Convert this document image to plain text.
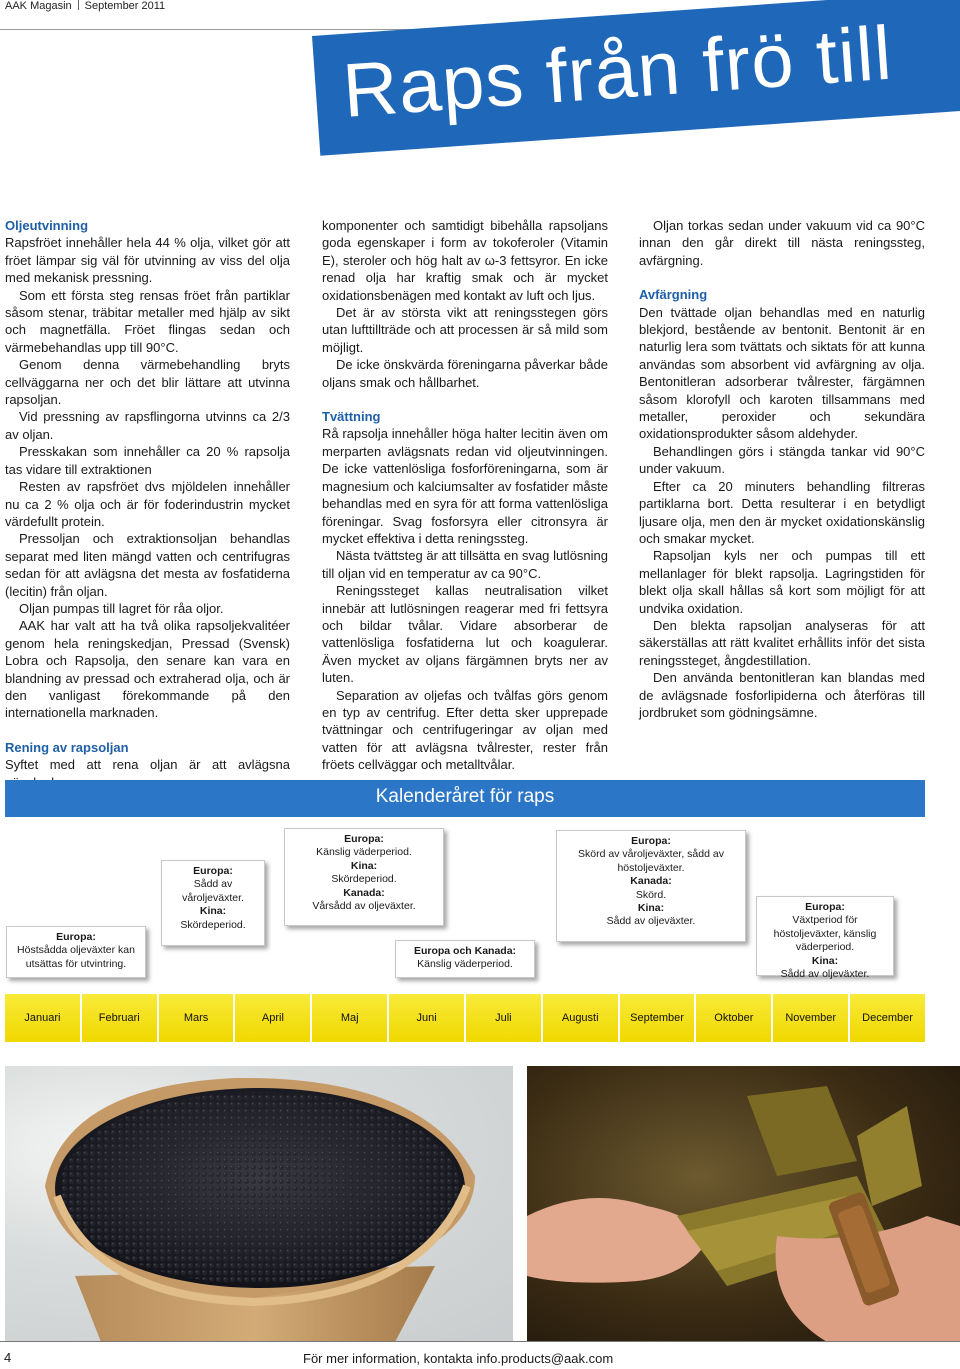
AAK Magasin September 2011
Raps från frö till
Oljeutvinning

Rapsfröet innehåller hela 44 % olja, vilket gör att fröet lämpar sig väl för utvinning av viss del olja med mekanisk pressning.

Som ett första steg rensas fröet från partiklar såsom stenar, träbitar metaller med hjälp av sikt och magnetfälla. Fröet flingas sedan och värmebehandlas upp till 90°C.

Genom denna värmebehandling bryts cellväggarna ner och det blir lättare att utvinna rapsoljan.

Vid pressning av rapsflingorna utvinns ca 2/3 av oljan.

Presskakan som innehåller ca 20 % rapsolja tas vidare till extraktionen

Resten av rapsfröet dvs mjöldelen innehåller nu ca 2 % olja och är för foderindustrin mycket värdefullt protein.

Pressoljan och extraktionsoljan behandlas separat med liten mängd vatten och centrifugras sedan för att avlägsna det mesta av fosfatiderna (lecitin) från oljan.

Oljan pumpas till lagret för råa oljor.

AAK har valt att ha två olika rapsoljekvalitéer genom hela reningskedjan, Pressad (Svensk) Lobra och Rapsolja, den senare kan vara en blandning av pressad och extraherad olja, och är den vanligast förekommande på den internationella marknaden.

Rening av rapsoljan

Syftet med att rena oljan är att avlägsna

komponenter och samtidigt bibehålla rapsoljans goda egenskaper i form av tokoferoler (Vitamin E), steroler och hög halt av ω-3 fettsyror. En icke renad olja har kraftig smak och är mycket oxidationsbenägen med kontakt av luft och ljus.

Det är av största vikt att reningsstegen görs utan lufttillträde och att processen är så mild som möjligt.

De icke önskvärda föreningarna påverkar både oljans smak och hållbarhet.

Tvättning

Rå rapsolja innehåller höga halter lecitin även om merparten avlägsnats redan vid oljeutvinningen. De icke vattenlösliga fosforföreningarna, som är magnesium och kalciumsalter av fosfatider måste behandlas med en syra för att forma vattenlösliga föreningar. Svag fosforsyra eller citronsyra är mycket effektiva i detta reningssteg.

Nästa tvättsteg är att tillsätta en svag lutlösning till oljan vid en temperatur av ca 90°C.

Reningssteget kallas neutralisation vilket innebär att lutlösningen reagerar med fri fettsyra och bildar tvålar. Vidare absorberar de vattenlösliga fosfatiderna lut och koagulerar. Även mycket av oljans färgämnen bryts ner av luten.

Separation av oljefas och tvålfas görs genom en typ av centrifug. Efter detta sker upprepade tvättningar och centrifugeringar av oljan med vatten för att avlägsna tvålrester, rester från fröets cellväggar och metalltvålar.

Oljan torkas sedan under vakuum vid ca 90°C innan den går direkt till nästa reningssteg, avfärgning.

Avfärgning

Den tvättade oljan behandlas med en naturlig blekjord, bestående av bentonit. Bentonit är en naturlig lera som tvättats och siktats för att kunna användas som absorbent vid avfärgning av olja. Bentonitleran adsorberar tvålrester, färgämnen såsom klorofyll och karoten tillsammans med metaller, peroxider och sekundära oxidationsprodukter såsom aldehyder.

Behandlingen görs i stängda tankar vid 90°C under vakuum.

Efter ca 20 minuters behandling filtreras partiklarna bort. Detta resulterar i en betydligt ljusare olja, men den är mycket oxidationskänslig och smakar mycket.

Rapsoljan kyls ner och pumpas till ett mellanlager för blekt rapsolja. Lagringstiden för blekt olja skall hållas så kort som möjligt för att undvika oxidation.

Den blekta rapsoljan analyseras för att säkerställas att rätt kvalitet erhållits inför det sista reningssteget, ångdestillation.

Den använda bentonitleran kan blandas med de avlägsnade fosforlipiderna och återföras till jordbruket som gödningsämne.

Kalenderåret för raps
Europa:
Höstsådda oljeväxter kan utsättas för utvintring.
Europa:
Sådd av våroljeväxter.
Kina:
Skördeperiod.
Europa:
Känslig väderperiod.
Kina:
Skördeperiod.
Kanada:
Vårsådd av oljeväxter.
Europa och Kanada:
Känslig väderperiod.
Europa:
Skörd av våroljeväxter, sådd av höstoljeväxter.
Kanada:
Skörd.
Kina:
Sådd av oljeväxter.
Europa:
Växtperiod för höstoljeväxter, känslig väderperiod.
Kina:
Sådd av oljeväxter.
Januari	Februari	Mars	April	Maj	Juni	Juli	Augusti	September	Oktober	November	December
4	För mer information, kontakta info.products@aak.com
